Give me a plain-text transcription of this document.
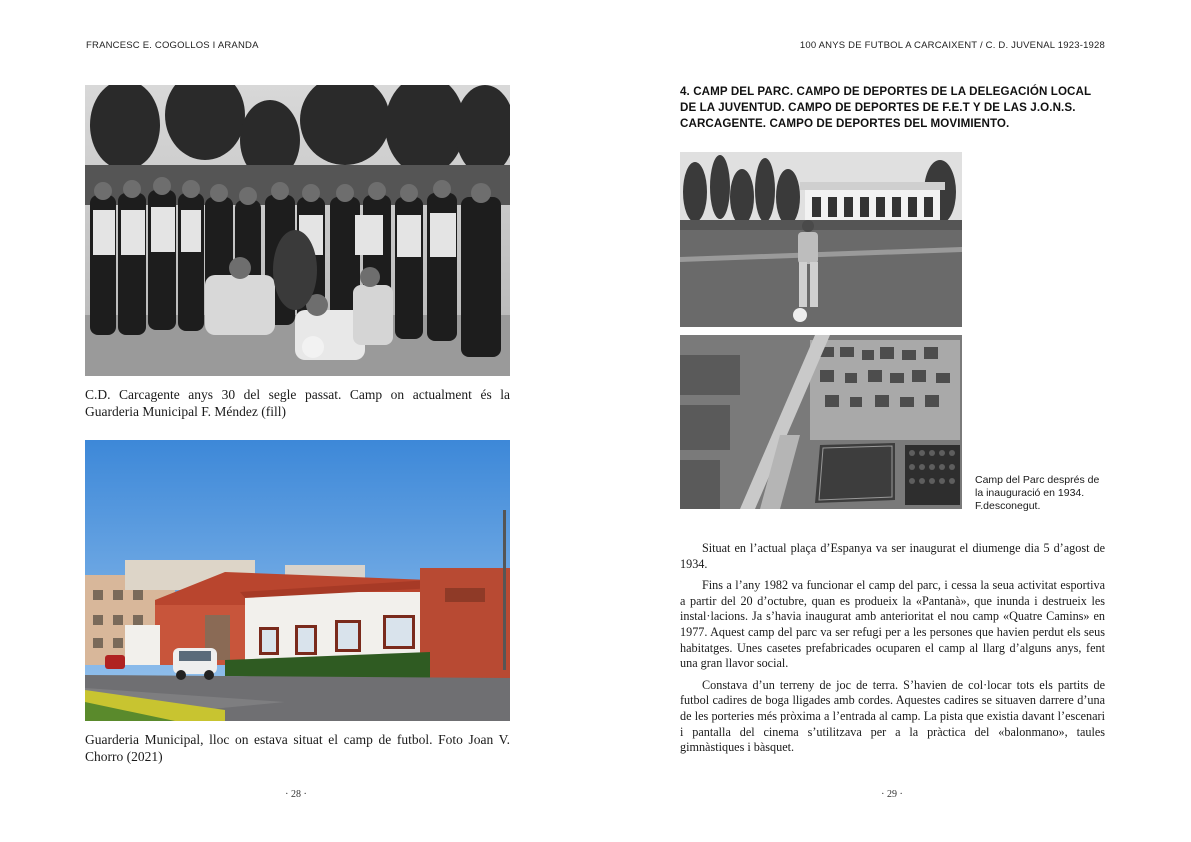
FRANCESC E. COGOLLOS I ARANDA
C.D. Carcagente anys 30 del segle passat. Camp on actualment és la Guarderia Municipal F. Méndez (fill)
Guarderia Municipal, lloc on estava situat el camp de futbol. Foto Joan V. Chorro (2021)
· 28 ·
100 ANYS DE FUTBOL A CARCAIXENT / C. D. JUVENAL 1923-1928
4. CAMP DEL PARC. CAMPO DE DEPORTES DE LA DELEGACIÓN LOCAL DE LA JUVENTUD. CAMPO DE DEPORTES DE F.E.T Y DE LAS J.O.N.S. CARCAGENTE. CAMPO DE DEPORTES DEL MOVIMIENTO.
Camp del Parc després de la inauguració en 1934. F.desconegut.

Situat en l’actual plaça d’Espanya va ser inaugurat el diumenge dia 5 d’agost de 1934.

Fins a l’any 1982 va funcionar el camp del parc, i cessa la seua activitat esportiva a partir del 20 d’octubre, quan es produeix la «Pantanà», que inunda i destrueix les instal·lacions. Ja s’havia inaugurat amb anterioritat el nou camp «Quatre Camins» en 1977. Aquest camp del parc va ser refugi per a les persones que havien perdut els seus habitatges. Unes casetes prefabricades ocuparen el camp al llarg d’alguns anys, fent una gran llavor social.

Constava d’un terreny de joc de terra. S’havien de col·locar tots els partits de futbol cadires de boga lligades amb cordes. Aquestes cadires se situaven darrere d’una de les porteries més pròxima a l’entrada al camp. La pista que existia davant l’escenari i pantalla del cinema s’utilitzava per a la pràctica del «balonmano», taules gimnàstiques i bàsquet.

· 29 ·
